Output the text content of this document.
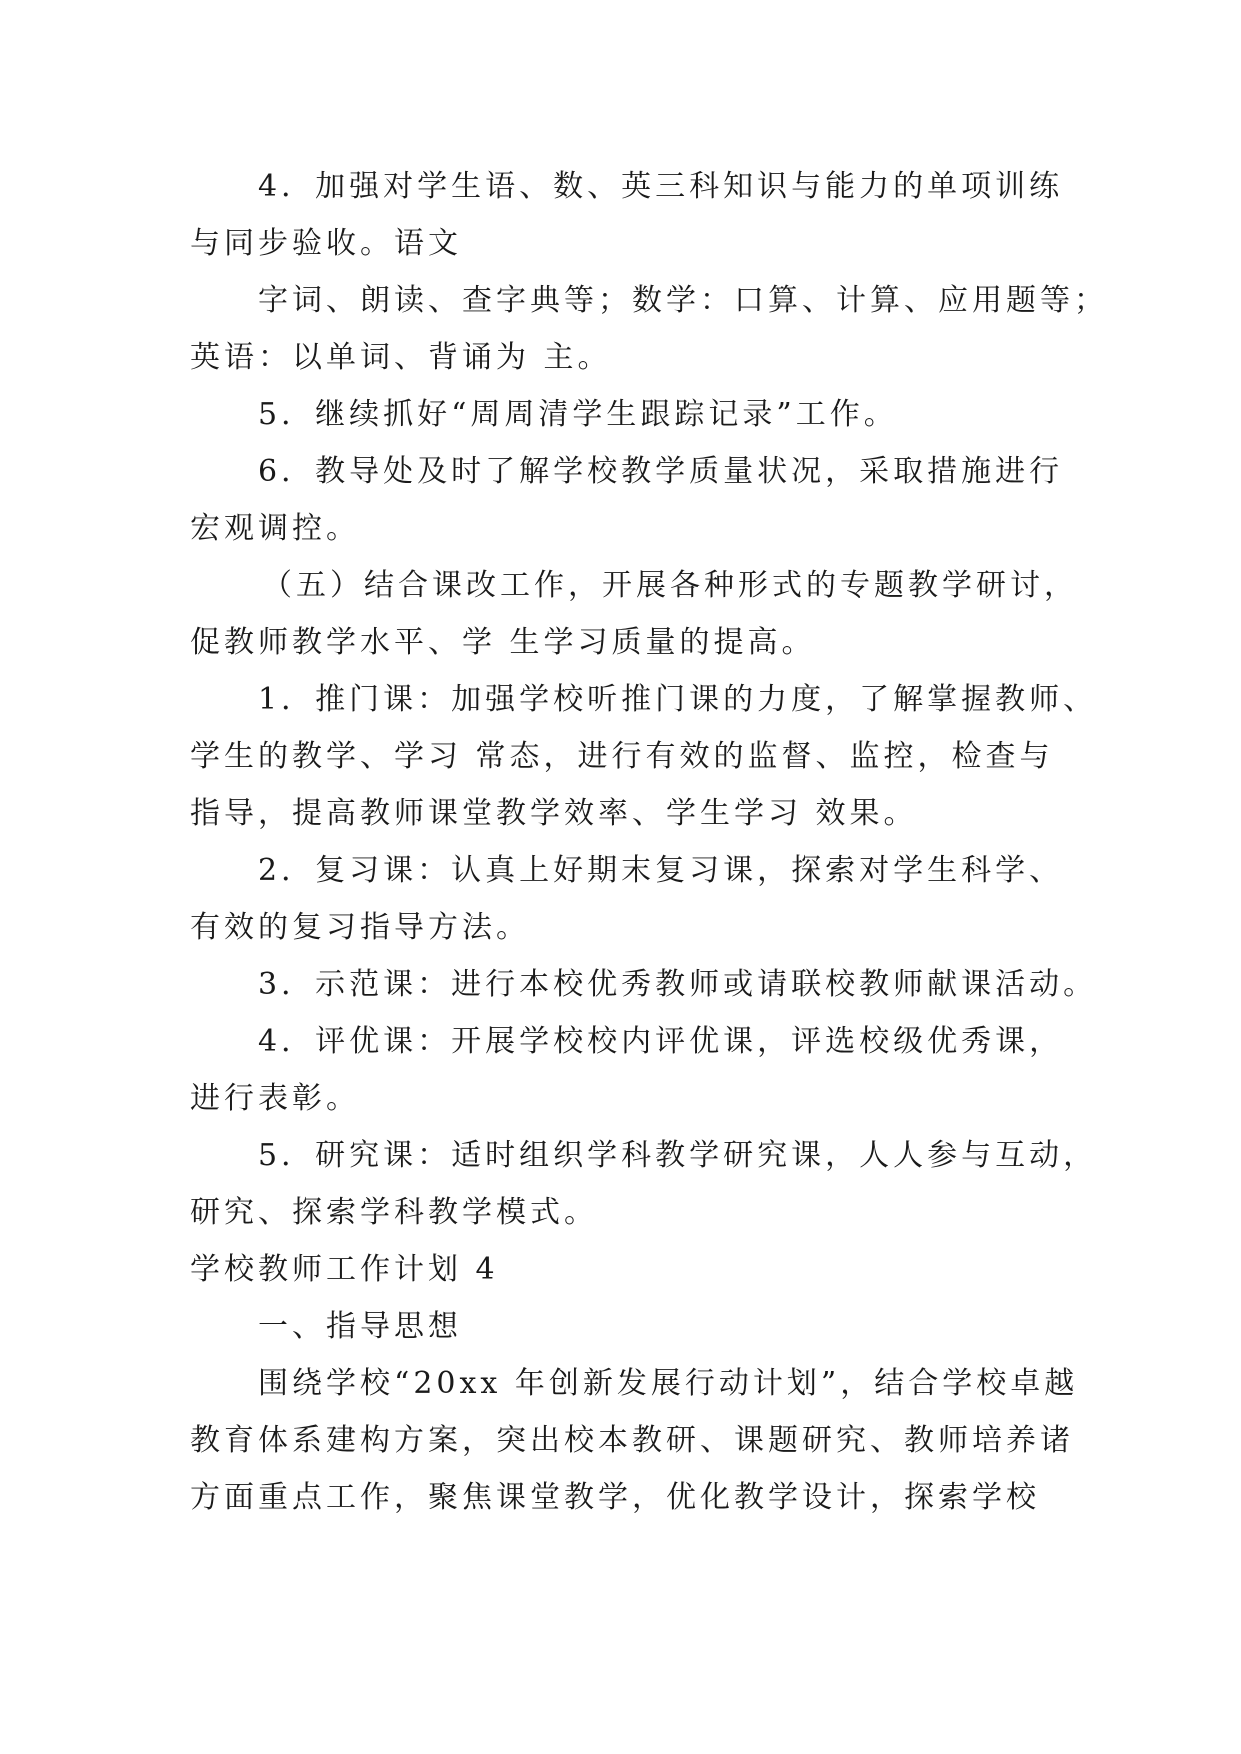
4．加强对学生语、数、英三科知识与能力的单项训练
与同步验收。语文
字词、朗读、查字典等；数学：口算、计算、应用题等；
英语：以单词、背诵为 主。
5．继续抓好“周周清学生跟踪记录”工作。
6．教导处及时了解学校教学质量状况，采取措施进行
宏观调控。
（五）结合课改工作，开展各种形式的专题教学研讨，
促教师教学水平、学 生学习质量的提高。
1．推门课：加强学校听推门课的力度，了解掌握教师、
学生的教学、学习 常态，进行有效的监督、监控，检查与
指导，提高教师课堂教学效率、学生学习 效果。
2．复习课：认真上好期末复习课，探索对学生科学、
有效的复习指导方法。
3．示范课：进行本校优秀教师或请联校教师献课活动。
4．评优课：开展学校校内评优课，评选校级优秀课，
进行表彰。
5．研究课：适时组织学科教学研究课，人人参与互动，
研究、探索学科教学模式。
学校教师工作计划 4
一、指导思想
围绕学校“20xx 年创新发展行动计划”，结合学校卓越
教育体系建构方案，突出校本教研、课题研究、教师培养诸
方面重点工作，聚焦课堂教学，优化教学设计，探索学校
